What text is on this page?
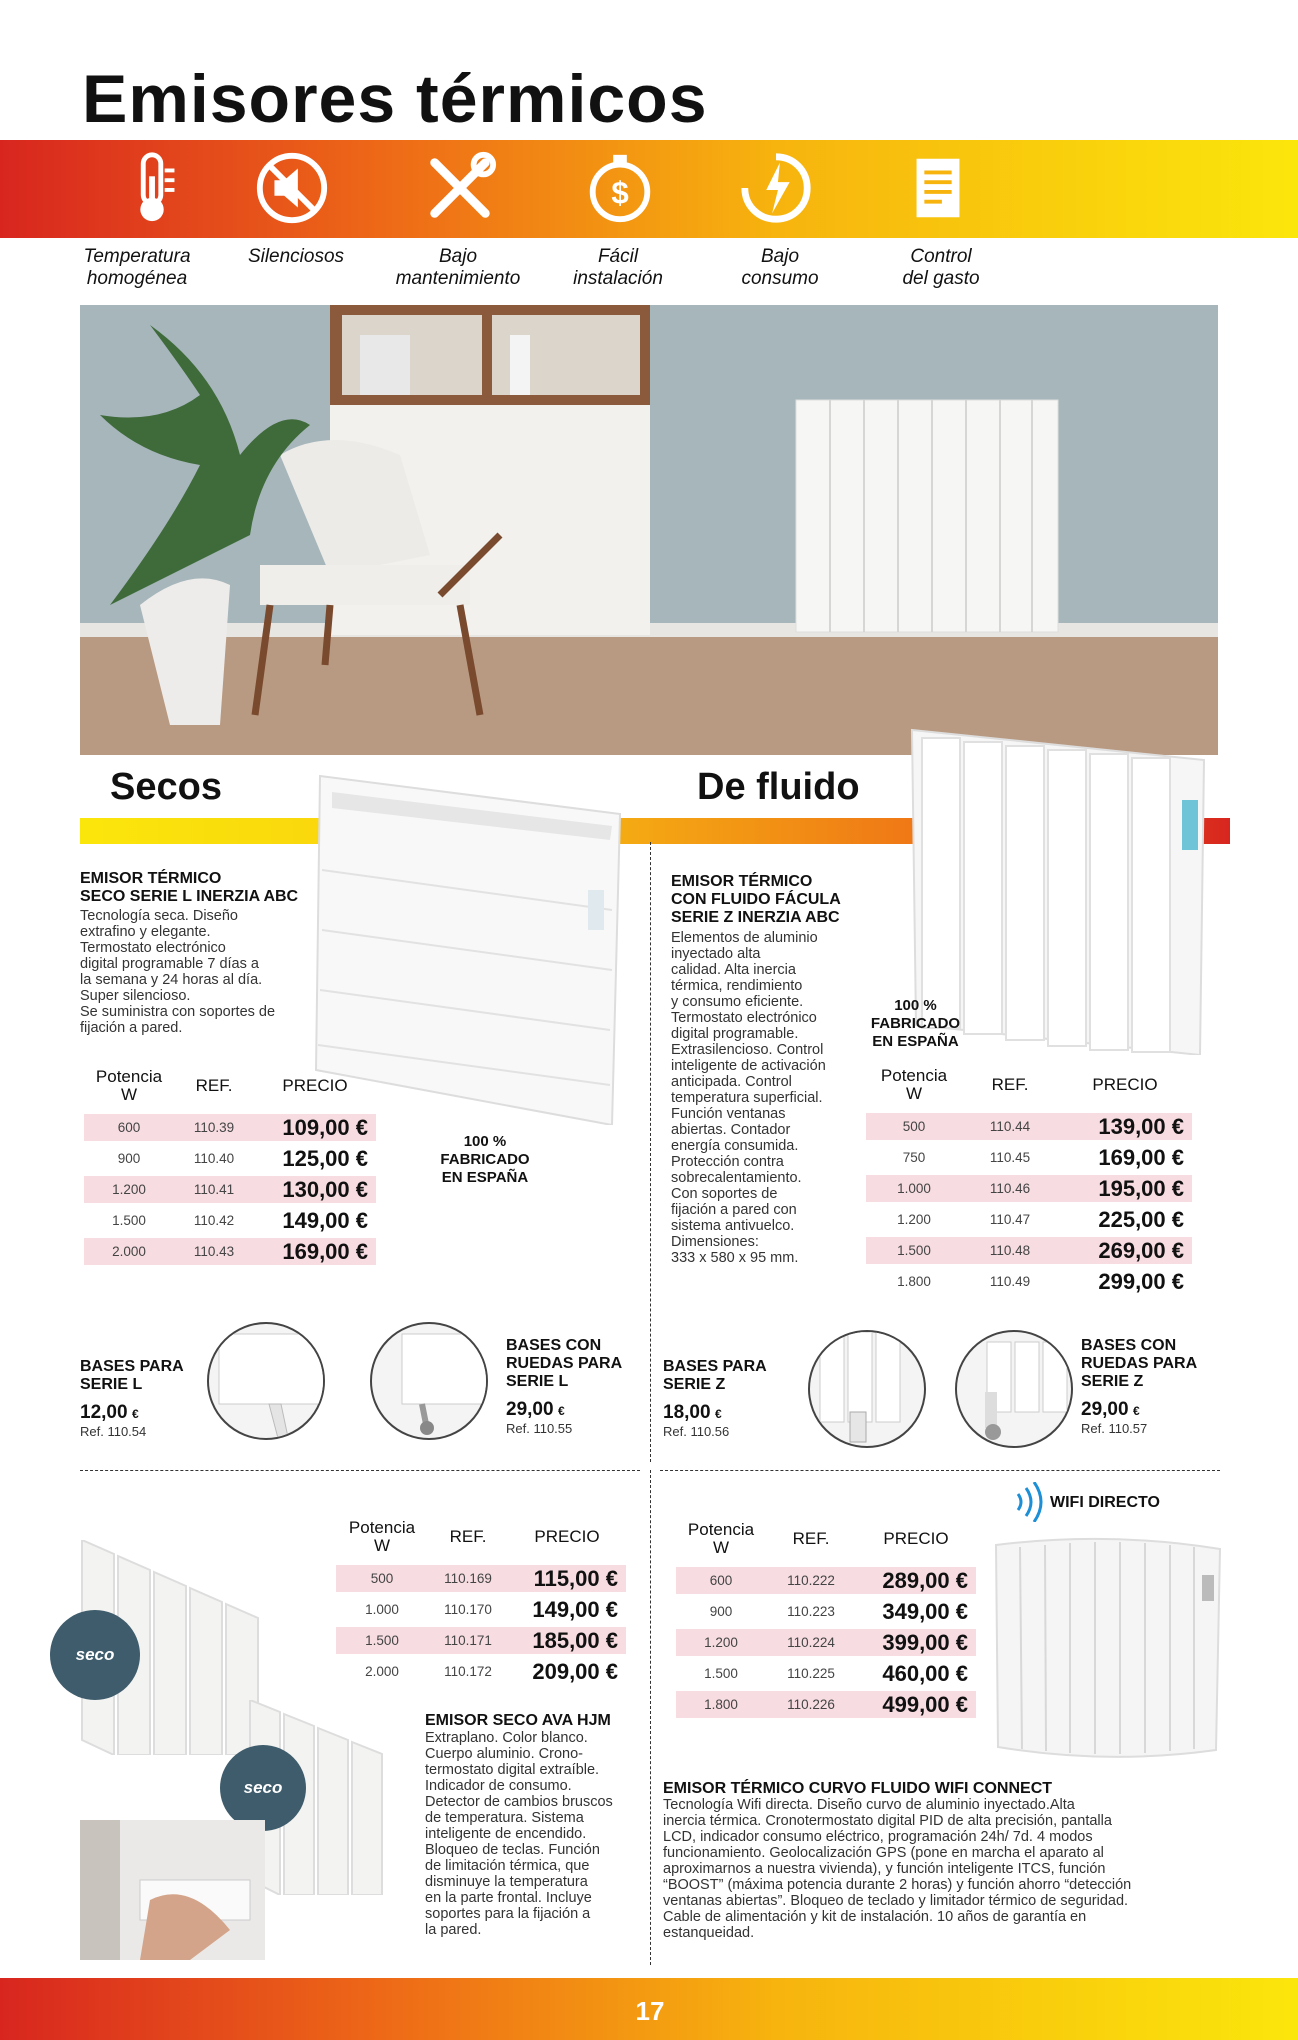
Emisores térmicos
$
Temperatura
homogénea
Silenciosos	Bajo
mantenimiento
Fácil
instalación
Bajo
consumo
Control
del gasto
Secos	De fluido
EMISOR TÉRMICO
SECO SERIE L INERZIA ABC
Tecnología seca. Diseño
extrafino y elegante.
Termostato electrónico
digital programable 7 días a
la semana y 24 horas al día.
Super silencioso.
Se suministra con soportes de
fijación a pared.
100 %
FABRICADO
EN ESPAÑA
Potencia
W	REF.	PRECIO
600	110.39	109,00 €
900	110.40	125,00 €
1.200	110.41	130,00 €
1.500	110.42	149,00 €
2.000	110.43	169,00 €
EMISOR TÉRMICO
CON FLUIDO FÁCULA
SERIE Z INERZIA ABC
Elementos de aluminio
inyectado alta
calidad. Alta inercia
térmica, rendimiento
y consumo eficiente.
Termostato electrónico
digital programable.
Extrasilencioso. Control
inteligente de activación
anticipada. Control
temperatura superficial.
Función ventanas
abiertas. Contador
energía consumida.
Protección contra
sobrecalentamiento.
Con soportes de
fijación a pared con
sistema antivuelco.
Dimensiones:
333 x 580 x 95 mm.
100 %
FABRICADO
EN ESPAÑA
Potencia
W	REF.	PRECIO
500	110.44	139,00 €
750	110.45	169,00 €
1.000	110.46	195,00 €
1.200	110.47	225,00 €
1.500	110.48	269,00 €
1.800	110.49	299,00 €
BASES PARA
SERIE L
12,00 €
Ref. 110.54
BASES CON
RUEDAS PARA
SERIE L
29,00 €
Ref. 110.55
BASES PARA
SERIE Z
18,00 €
Ref. 110.56
BASES CON
RUEDAS PARA
SERIE Z
29,00 €
Ref. 110.57
seco
seco
Potencia
W	REF.	PRECIO
500	110.169	115,00 €
1.000	110.170	149,00 €
1.500	110.171	185,00 €
2.000	110.172	209,00 €
EMISOR SECO AVA HJM
Extraplano. Color blanco.
Cuerpo aluminio. Crono-
termostato digital extraíble.
Indicador de consumo.
Detector de cambios bruscos
de temperatura. Sistema
inteligente de encendido.
Bloqueo de teclas. Función
de limitación térmica, que
disminuye la temperatura
en la parte frontal. Incluye
soportes para la fijación a
la pared.
WIFI DIRECTO
Potencia
W	REF.	PRECIO
600	110.222	289,00 €
900	110.223	349,00 €
1.200	110.224	399,00 €
1.500	110.225	460,00 €
1.800	110.226	499,00 €
EMISOR TÉRMICO CURVO FLUIDO WIFI CONNECT
Tecnología Wifi directa. Diseño curvo de aluminio inyectado.Alta
inercia térmica. Cronotermostato digital PID de alta precisión, pantalla
LCD, indicador consumo eléctrico, programación 24h/ 7d. 4 modos
funcionamiento. Geolocalización GPS (pone en marcha el aparato al
aproximarnos a nuestra vivienda), y función inteligente ITCS, función
“BOOST” (máxima potencia durante 2 horas) y función ahorro “detección
ventanas abiertas”. Bloqueo de teclado y limitador térmico de seguridad.
Cable de alimentación y kit de instalación. 10 años de garantía en
estanqueidad.
17
